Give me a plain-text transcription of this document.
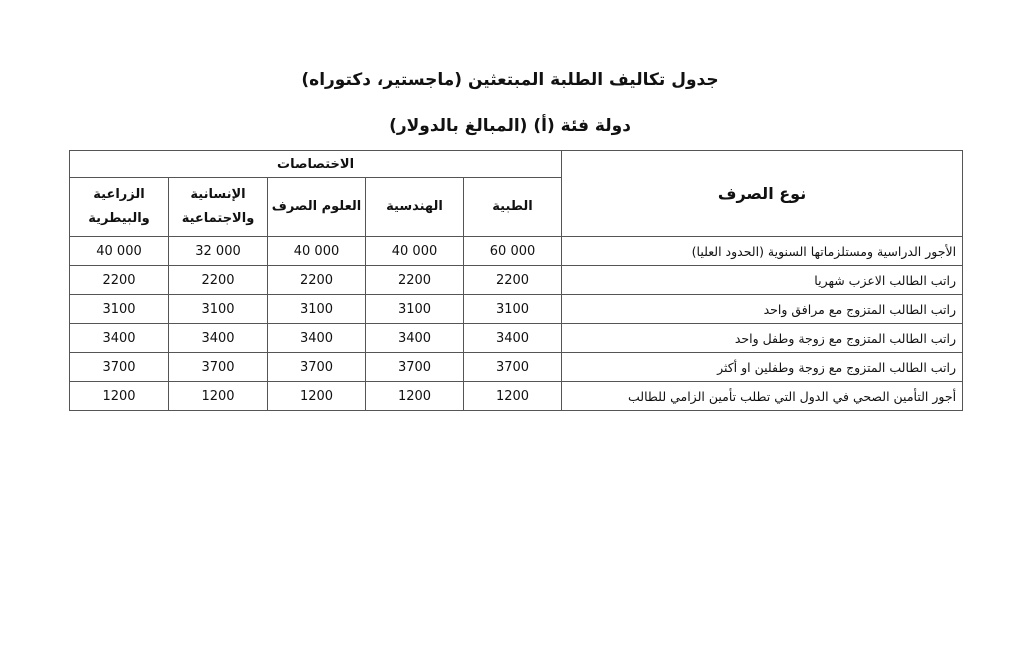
جدول تكاليف الطلبة المبتعثين (ماجستير، دكتوراه)
دولة فئة (أ) (المبالغ بالدولار)
الاختصاصات					نوع الصرف
الزراعية والبيطرية	الإنسانية والاجتماعية	العلوم الصرف	الهندسية	الطبية	
40 000	32 000	40 000	40 000	60 000	الأجور الدراسية ومستلزماتها السنوية (الحدود العليا)
2200	2200	2200	2200	2200	راتب الطالب الاعزب شهريا
3100	3100	3100	3100	3100	راتب الطالب المتزوج مع مرافق واحد
3400	3400	3400	3400	3400	راتب الطالب المتزوج مع زوجة وطفل واحد
3700	3700	3700	3700	3700	راتب الطالب المتزوج مع زوجة وطفلين او أكثر
1200	1200	1200	1200	1200	أجور التأمين الصحي في الدول التي تطلب تأمين الزامي للطالب
